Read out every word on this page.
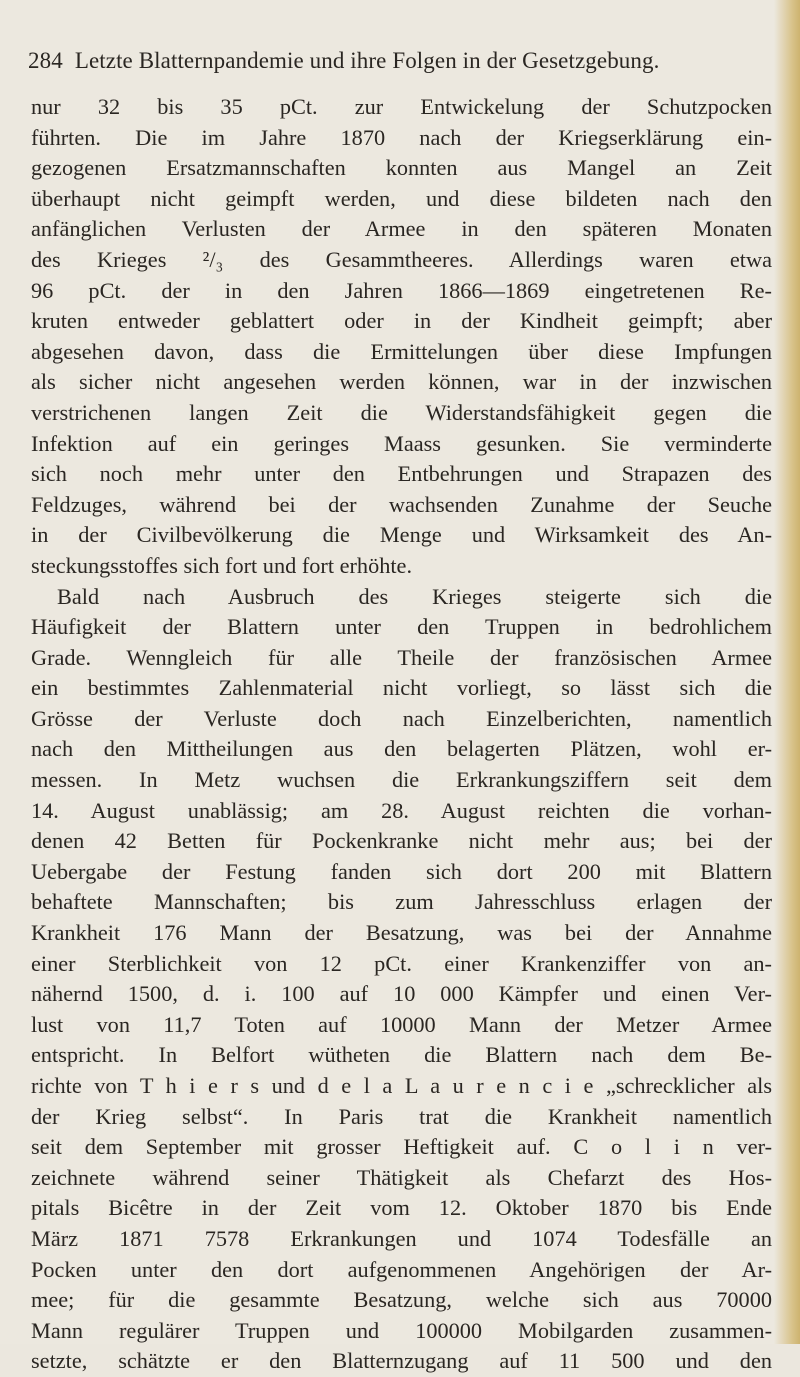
284 Letzte Blatternpandemie und ihre Folgen in der Gesetzgebung.
nur 32 bis 35 pCt. zur Entwickelung der Schutzpocken
führten. Die im Jahre 1870 nach der Kriegserklärung ein-
gezogenen Ersatzmannschaften konnten aus Mangel an Zeit
überhaupt nicht geimpft werden, und diese bildeten nach den
anfänglichen Verlusten der Armee in den späteren Monaten
des Krieges ²/₃ des Gesammtheeres. Allerdings waren etwa
96 pCt. der in den Jahren 1866—1869 eingetretenen Re-
kruten entweder geblattert oder in der Kindheit geimpft; aber
abgesehen davon, dass die Ermittelungen über diese Impfungen
als sicher nicht angesehen werden können, war in der inzwischen
verstrichenen langen Zeit die Widerstandsfähigkeit gegen die
Infektion auf ein geringes Maass gesunken. Sie verminderte
sich noch mehr unter den Entbehrungen und Strapazen des
Feldzuges, während bei der wachsenden Zunahme der Seuche
in der Civilbevölkerung die Menge und Wirksamkeit des An-
steckungsstoffes sich fort und fort erhöhte.
Bald nach Ausbruch des Krieges steigerte sich die
Häufigkeit der Blattern unter den Truppen in bedrohlichem
Grade. Wenngleich für alle Theile der französischen Armee
ein bestimmtes Zahlenmaterial nicht vorliegt, so lässt sich die
Grösse der Verluste doch nach Einzelberichten, namentlich
nach den Mittheilungen aus den belagerten Plätzen, wohl er-
messen. In Metz wuchsen die Erkrankungsziffern seit dem
14. August unablässig; am 28. August reichten die vorhan-
denen 42 Betten für Pockenkranke nicht mehr aus; bei der
Uebergabe der Festung fanden sich dort 200 mit Blattern
behaftete Mannschaften; bis zum Jahresschluss erlagen der
Krankheit 176 Mann der Besatzung, was bei der Annahme
einer Sterblichkeit von 12 pCt. einer Krankenziffer von an-
nähernd 1500, d. i. 100 auf 10 000 Kämpfer und einen Ver-
lust von 11,7 Toten auf 10000 Mann der Metzer Armee
entspricht. In Belfort wütheten die Blattern nach dem Be-
richte von T h i e r s und d e l a L a u r e n c i e „schrecklicher als
der Krieg selbst“. In Paris trat die Krankheit namentlich
seit dem September mit grosser Heftigkeit auf. C o l i n ver-
zeichnete während seiner Thätigkeit als Chefarzt des Hos-
pitals Bicêtre in der Zeit vom 12. Oktober 1870 bis Ende
März 1871 7578 Erkrankungen und 1074 Todesfälle an
Pocken unter den dort aufgenommenen Angehörigen der Ar-
mee; für die gesammte Besatzung, welche sich aus 70000
Mann regulärer Truppen und 100000 Mobilgarden zusammen-
setzte, schätzte er den Blatternzugang auf 11 500 und den
